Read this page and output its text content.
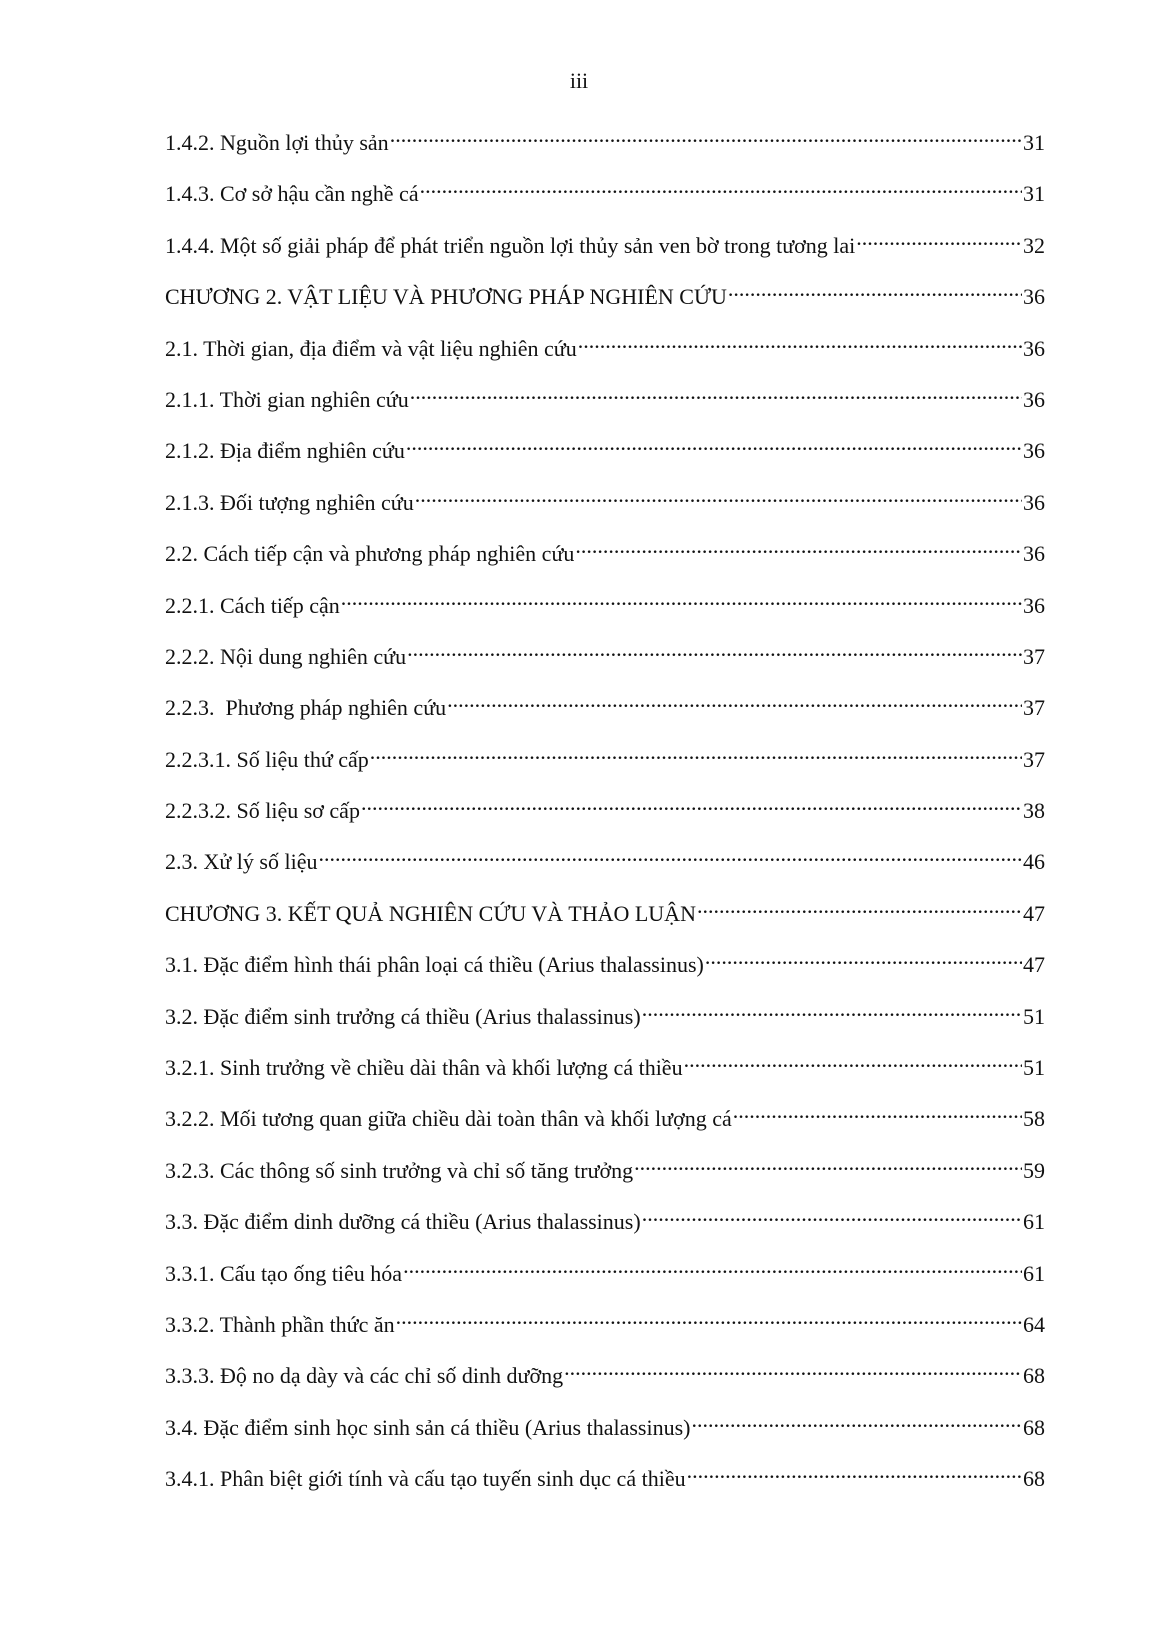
iii
1.4.2. Nguồn lợi thủy sản .....	31
1.4.3. Cơ sở hậu cần nghề cá .....	31
1.4.4. Một số giải pháp để phát triển nguồn lợi thủy sản ven bờ trong tương lai .....	32
CHƯƠNG 2. VẬT LIỆU VÀ PHƯƠNG PHÁP NGHIÊN CỨU .....	36
2.1. Thời gian, địa điểm và vật liệu nghiên cứu .....	36
2.1.1. Thời gian nghiên cứu .....	36
2.1.2. Địa điểm nghiên cứu .....	36
2.1.3. Đối tượng nghiên cứu .....	36
2.2. Cách tiếp cận và phương pháp nghiên cứu .....	36
2.2.1. Cách tiếp cận .....	36
2.2.2. Nội dung nghiên cứu .....	37
2.2.3.  Phương pháp nghiên cứu .....	37
2.2.3.1. Số liệu thứ cấp .....	37
2.2.3.2. Số liệu sơ cấp .....	38
2.3. Xử lý số liệu .....	46
CHƯƠNG 3. KẾT QUẢ NGHIÊN CỨU VÀ THẢO LUẬN .....	47
3.1. Đặc điểm hình thái phân loại cá thiều (Arius thalassinus) .....	47
3.2. Đặc điểm sinh trưởng cá thiều (Arius thalassinus) .....	51
3.2.1. Sinh trưởng về chiều dài thân và khối lượng cá thiều .....	51
3.2.2. Mối tương quan giữa chiều dài toàn thân và khối lượng cá .....	58
3.2.3. Các thông số sinh trưởng và chỉ số tăng trưởng .....	59
3.3. Đặc điểm dinh dưỡng cá thiều (Arius thalassinus) .....	61
3.3.1. Cấu tạo ống tiêu hóa .....	61
3.3.2. Thành phần thức ăn .....	64
3.3.3. Độ no dạ dày và các chỉ số dinh dưỡng .....	68
3.4. Đặc điểm sinh học sinh sản cá thiều (Arius thalassinus) .....	68
3.4.1. Phân biệt giới tính và cấu tạo tuyến sinh dục cá thiều .....	68
